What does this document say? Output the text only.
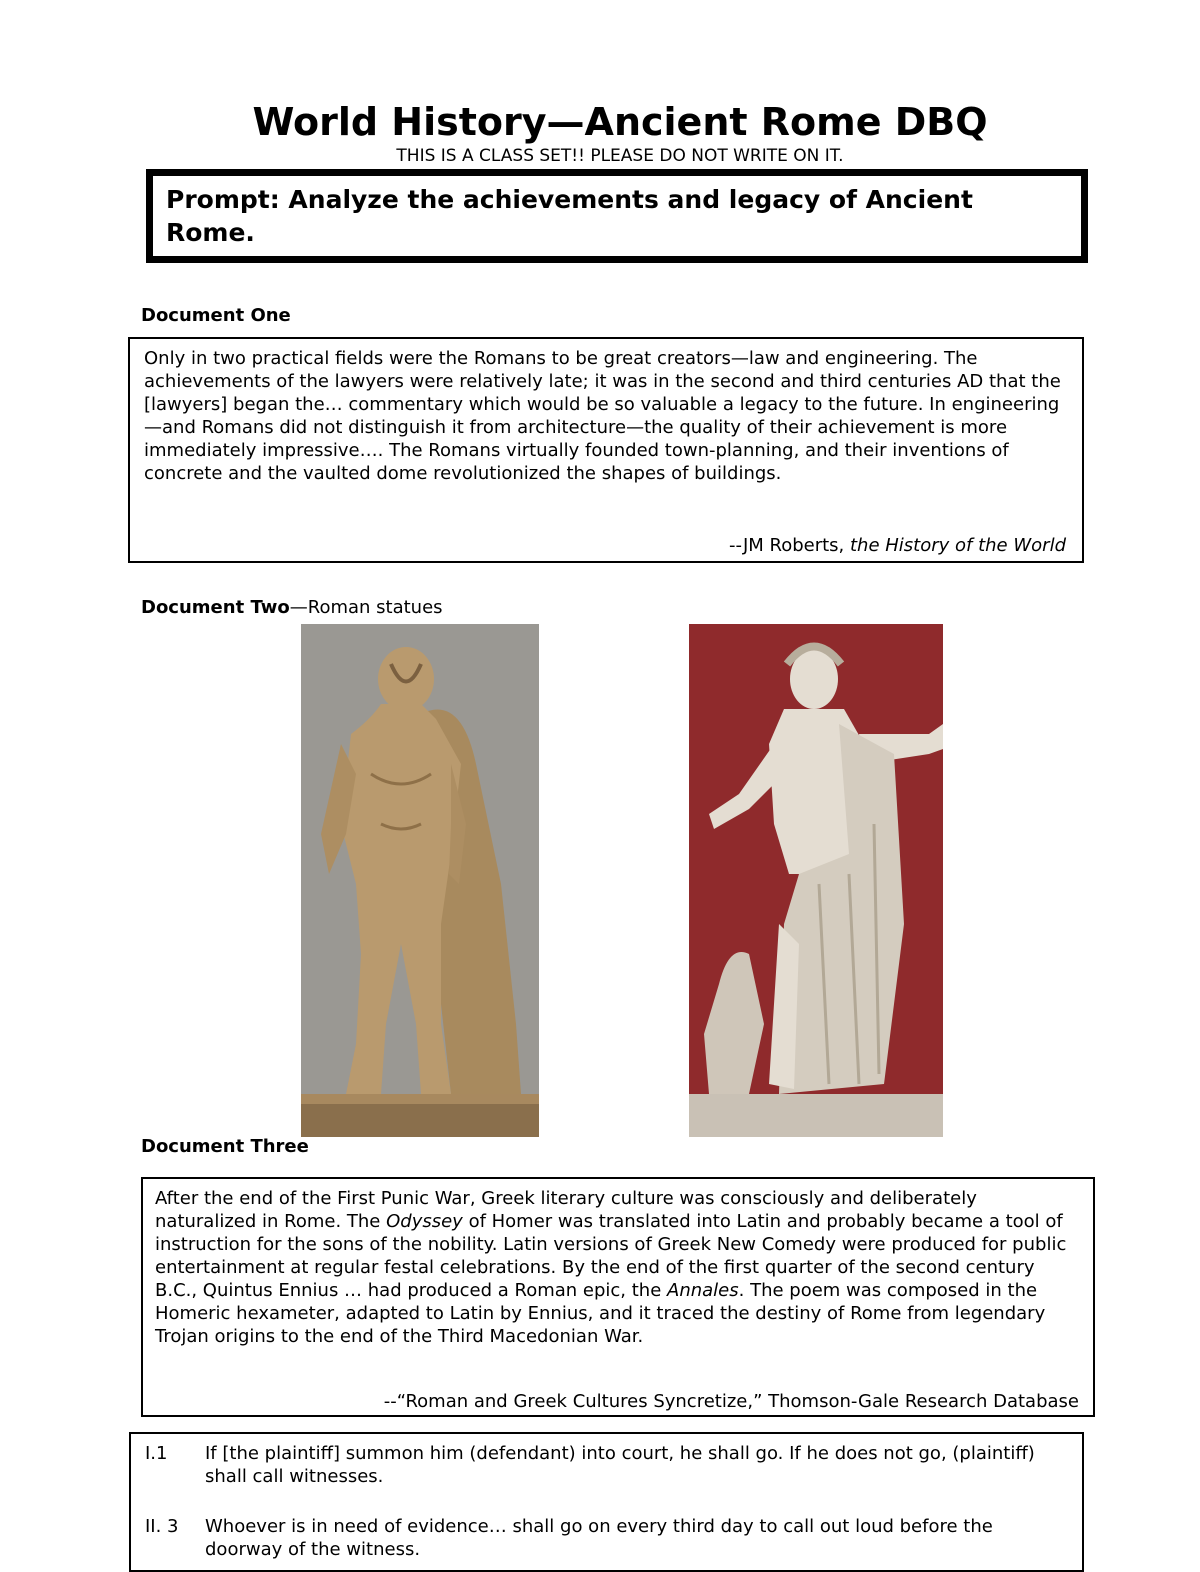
World History—Ancient Rome DBQ
THIS IS A CLASS SET!! PLEASE DO NOT WRITE ON IT.
Prompt: Analyze the achievements and legacy of Ancient Rome.
Document One
Only in two practical fields were the Romans to be great creators—law and engineering. The achievements of the lawyers were relatively late; it was in the second and third centuries AD that the [lawyers] began the… commentary which would be so valuable a legacy to the future. In engineering—and Romans did not distinguish it from architecture—the quality of their achievement is more immediately impressive…. The Romans virtually founded town-planning, and their inventions of concrete and the vaulted dome revolutionized the shapes of buildings.
--JM Roberts, the History of the World
Document Two—Roman statues
Document Three
After the end of the First Punic War, Greek literary culture was consciously and deliberately naturalized in Rome. The Odyssey of Homer was translated into Latin and probably became a tool of instruction for the sons of the nobility. Latin versions of Greek New Comedy were produced for public entertainment at regular festal celebrations. By the end of the first quarter of the second century B.C., Quintus Ennius … had produced a Roman epic, the Annales. The poem was composed in the Homeric hexameter, adapted to Latin by Ennius, and it traced the destiny of Rome from legendary Trojan origins to the end of the Third Macedonian War.
--“Roman and Greek Cultures Syncretize,” Thomson-Gale Research Database
I.1 If [the plaintiff] summon him (defendant) into court, he shall go. If he does not go, (plaintiff) shall call witnesses.
II. 3 Whoever is in need of evidence… shall go on every third day to call out loud before the doorway of the witness.
